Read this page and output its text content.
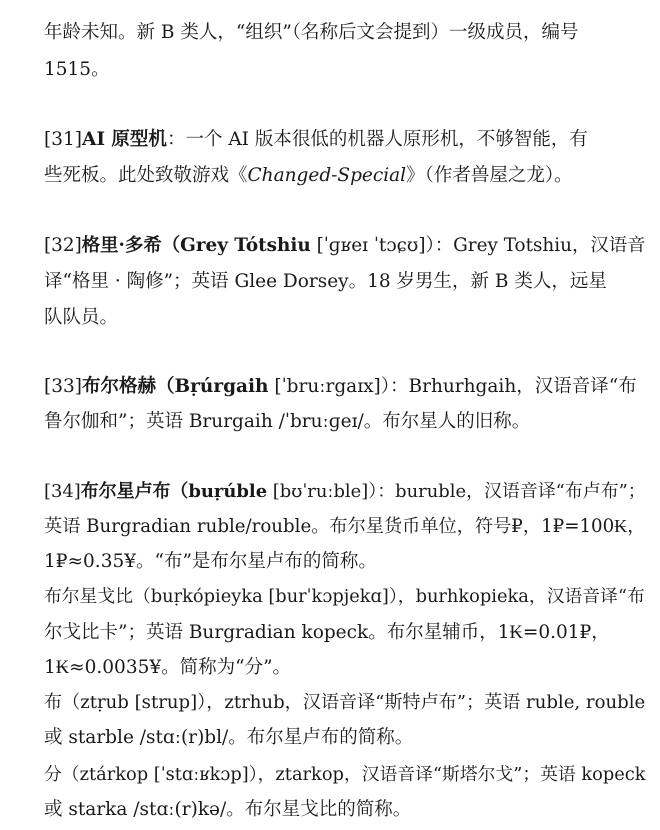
年龄未知。新 B 类人，“组织”（名称后文会提到）一级成员，编号
1515。
[31]AI 原型机：一个 AI 版本很低的机器人原形机，不够智能，有
些死板。此处致敬游戏《Changed-Special》（作者兽屋之龙）。
[32]格里·多希（Grey Tótshiu [ˈɡʁeɪ ˈtɔɕʊ]）：Grey Totshiu，汉语音
译“格里 · 陶修”；英语 Glee Dorsey。18 岁男生，新 B 类人，远星
队队员。
[33]布尔格赫（Bṛúrgaih [ˈbruːrgaɪx]）：Brhurhgaih，汉语音译“布
鲁尔伽和”；英语 Brurgaih /ˈbruːɡeɪ/。布尔星人的旧称。
[34]布尔星卢布（buṛúble [bʊˈruːble]）：buruble，汉语音译“布卢布”；
英语 Burgradian ruble/rouble。布尔星货币单位，符号₽，1₽=100₭，
1₽≈0.35¥。“布”是布尔星卢布的简称。
布尔星戈比（buṛkópieyka [burˈkɔpjekɑ]），burhkopieka，汉语音译“布
尔戈比卡”；英语 Burgradian kopeck。布尔星辅币，1₭=0.01₽，
1₭≈0.0035¥。简称为“分”。
布（ztṛub [strup]），ztrhub，汉语音译“斯特卢布”；英语 ruble, rouble
或 starble /stɑː(r)bl/。布尔星卢布的简称。
分（ztárkop [ˈstɑːʁkɔp]），ztarkop，汉语音译“斯塔尔戈”；英语 kopeck
或 starka /stɑː(r)kə/。布尔星戈比的简称。
